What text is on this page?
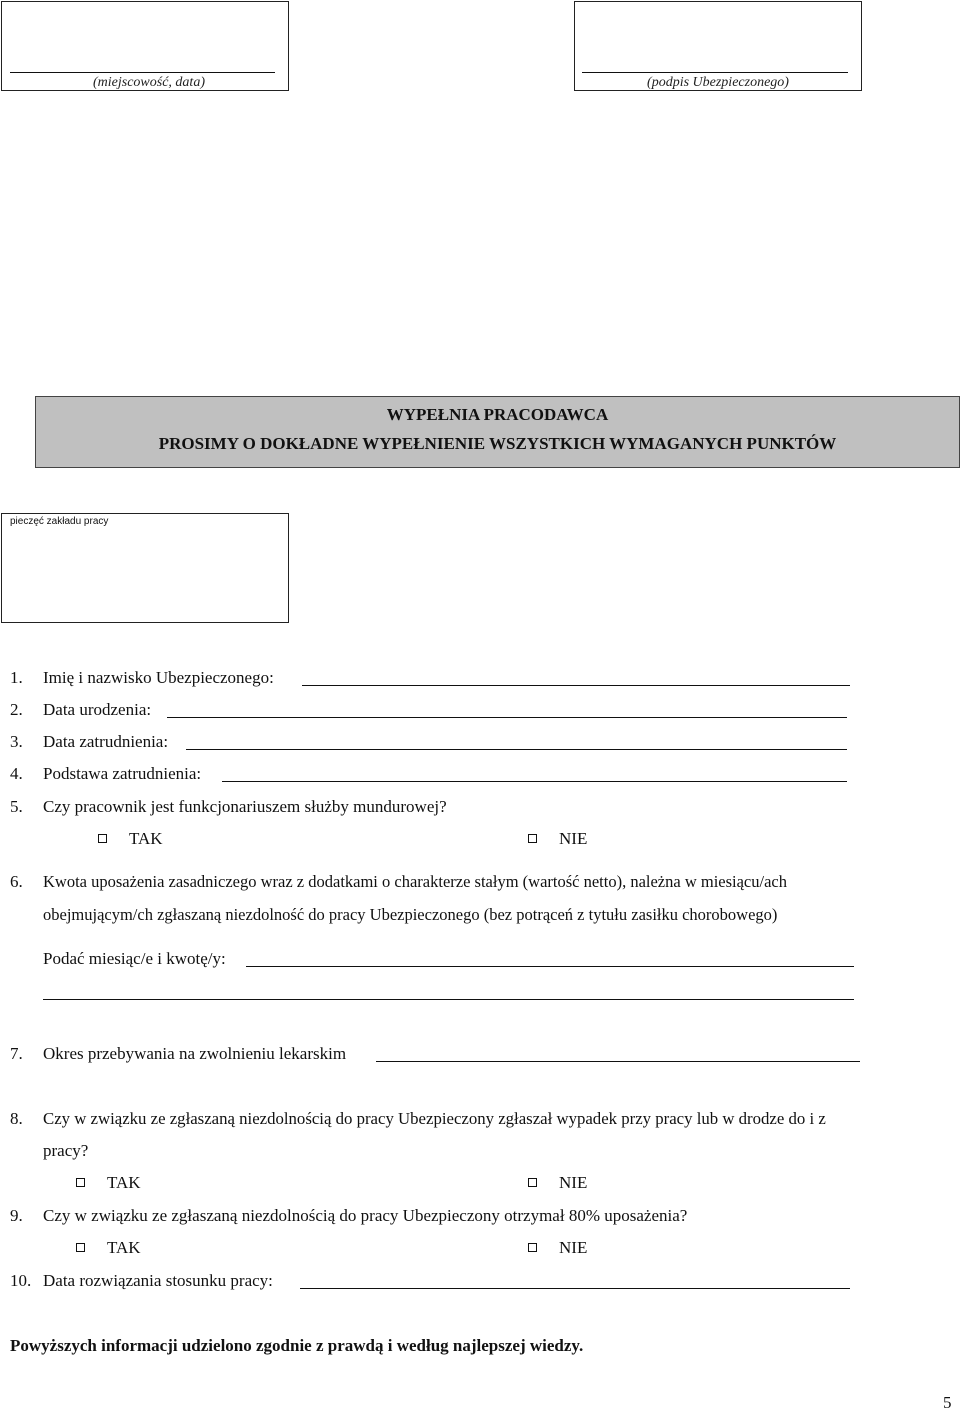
(miejscowość, data)	(podpis Ubezpieczonego)
WYPEŁNIA PRACODAWCA
PROSIMY O DOKŁADNE WYPEŁNIENIE WSZYSTKICH WYMAGANYCH PUNKTÓW
pieczęć zakładu pracy
1. Imię i nazwisko Ubezpieczonego:
2. Data urodzenia:
3. Data zatrudnienia:
4. Podstawa zatrudnienia:
5. Czy pracownik jest funkcjonariuszem służby mundurowej?
TAK	NIE
6. Kwota uposażenia zasadniczego wraz z dodatkami o charakterze stałym (wartość netto), należna w miesiącu/ach
obejmującym/ch zgłaszaną niezdolność do pracy Ubezpieczonego (bez potrąceń z tytułu zasiłku chorobowego)
Podać miesiąc/e i kwotę/y:
7. Okres przebywania na zwolnieniu lekarskim
8. Czy w związku ze zgłaszaną niezdolnością do pracy Ubezpieczony zgłaszał wypadek przy pracy lub w drodze do i z
pracy?
TAK	NIE
9. Czy w związku ze zgłaszaną niezdolnością do pracy Ubezpieczony otrzymał 80% uposażenia?
TAK	NIE
10. Data rozwiązania stosunku pracy:
Powyższych informacji udzielono zgodnie z prawdą i według najlepszej wiedzy.
5
